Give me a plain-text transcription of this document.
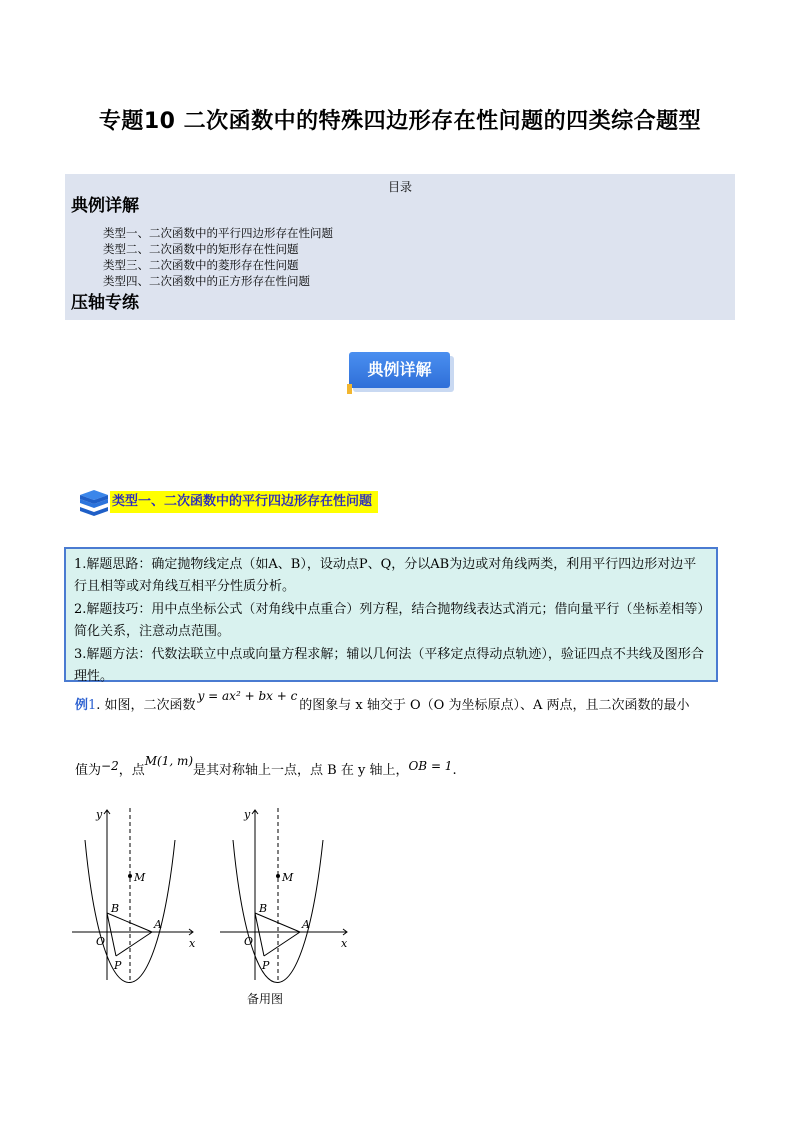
专题10 二次函数中的特殊四边形存在性问题的四类综合题型
目录
典例详解
类型一、二次函数中的平行四边形存在性问题
类型二、二次函数中的矩形存在性问题
类型三、二次函数中的菱形存在性问题
类型四、二次函数中的正方形存在性问题
压轴专练
典例详解
类型一、二次函数中的平行四边形存在性问题

1.解题思路：确定抛物线定点（如A、B），设动点P、Q，分以AB为边或对角线两类，利用平行四边形对边平行且相等或对角线互相平分性质分析。

2.解题技巧：用中点坐标公式（对角线中点重合）列方程，结合抛物线表达式消元；借向量平行（坐标差相等）简化关系，注意动点范围。

3.解题方法：代数法联立中点或向量方程求解；辅以几何法（平移定点得动点轨迹），验证四点不共线及图形合理性。

例1. 如图，二次函数y = ax² + bx + c的图象与 x 轴交于 O（O 为坐标原点）、A 两点，且二次函数的最小
值为−2，点M(1, m)是其对称轴上一点，点 B 在 y 轴上，OB = 1.
y
x
O
M
B
A
P
y
x
O
M
B
A
P
备用图
